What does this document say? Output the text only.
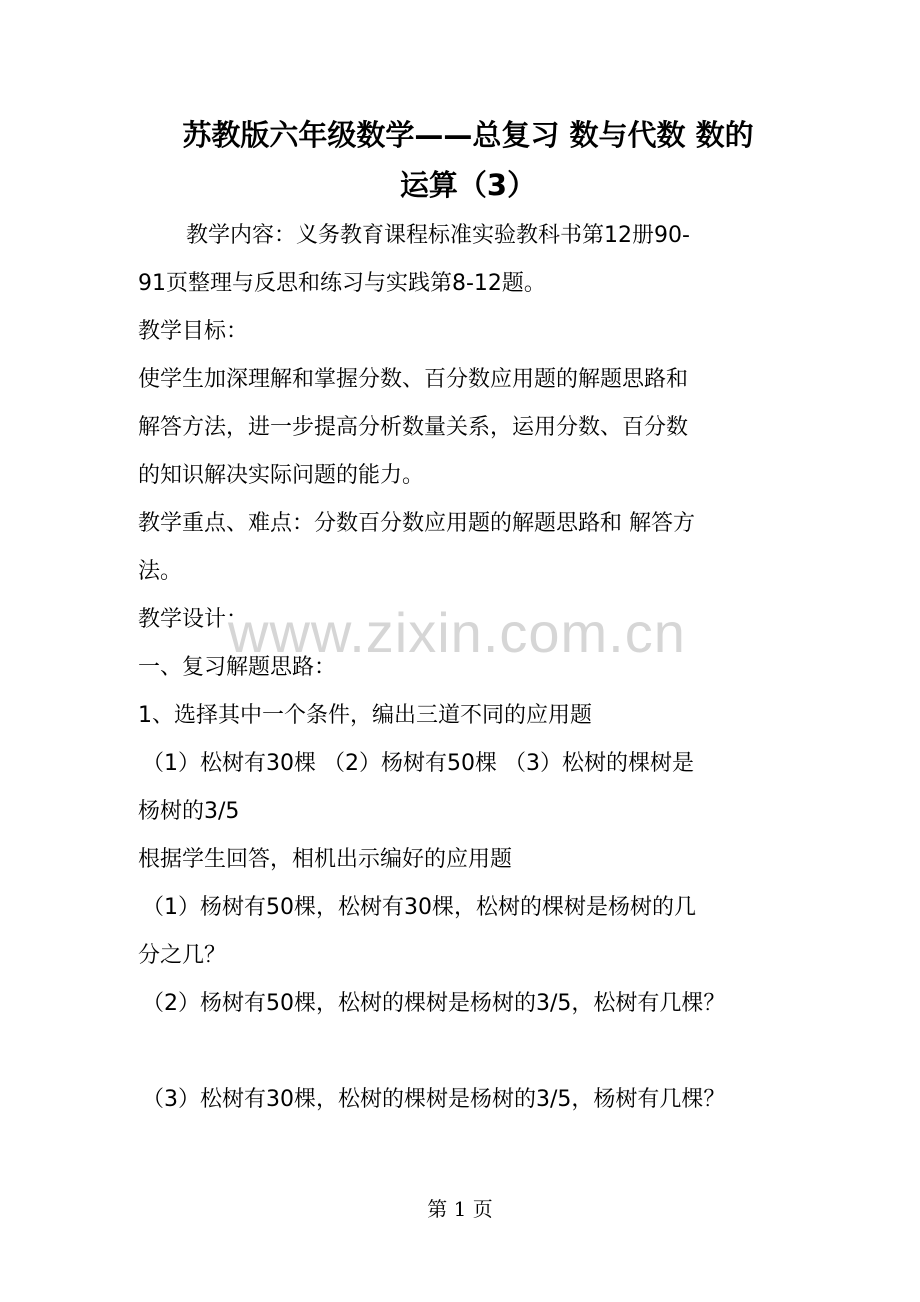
苏教版六年级数学——总复习 数与代数 数的
运算（3）

教学内容：义务教育课程标准实验教科书第12册90-

91页整理与反思和练习与实践第8-12题。

教学目标：

使学生加深理解和掌握分数、百分数应用题的解题思路和

解答方法，进一步提高分析数量关系，运用分数、百分数

的知识解决实际问题的能力。

教学重点、难点：分数百分数应用题的解题思路和 解答方

法。

教学设计：

一、复习解题思路：

1、选择其中一个条件，编出三道不同的应用题

（1）松树有30棵 （2）杨树有50棵 （3）松树的棵树是

杨树的3/5

根据学生回答，相机出示编好的应用题

（1）杨树有50棵，松树有30棵，松树的棵树是杨树的几

分之几？

（2）杨树有50棵，松树的棵树是杨树的3/5，松树有几棵？

（3）松树有30棵，松树的棵树是杨树的3/5，杨树有几棵？

www.zixin.com.cn
第 1 页
